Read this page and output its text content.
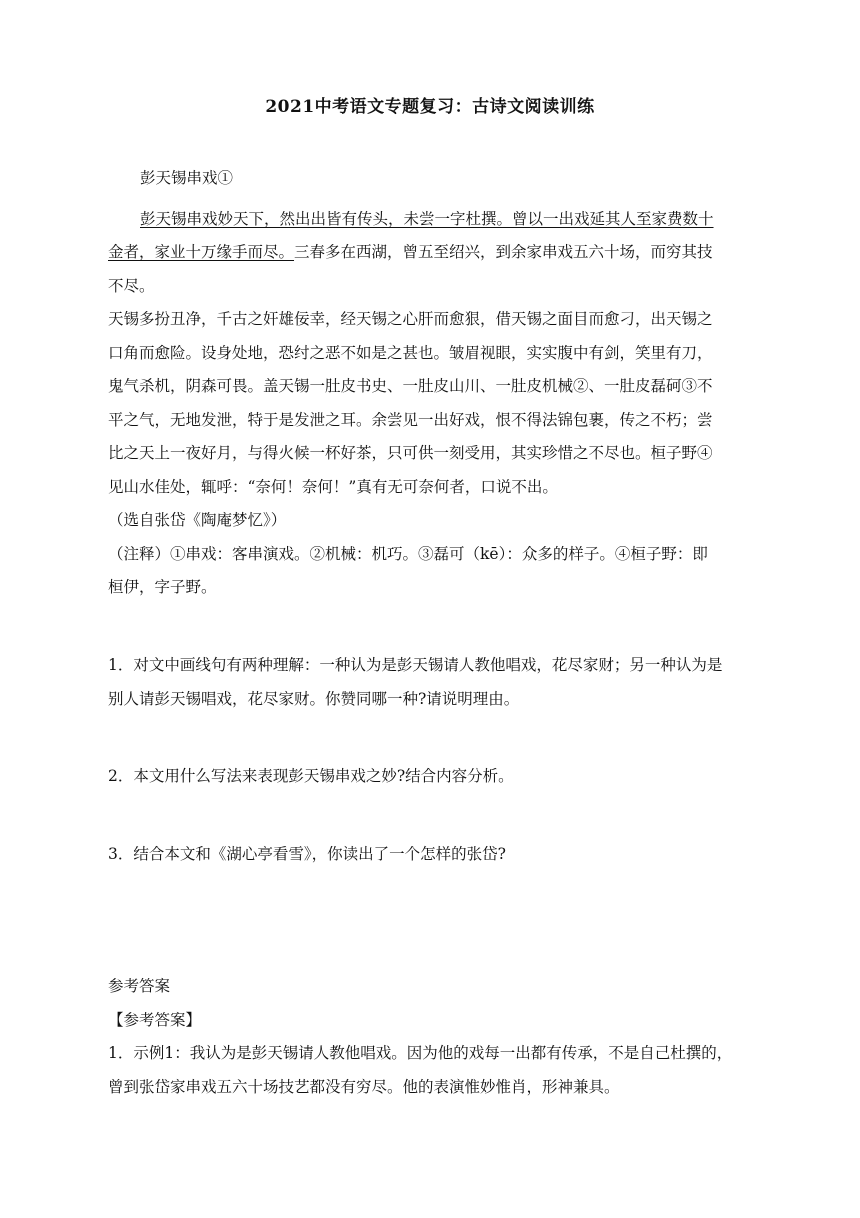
2021中考语文专题复习：古诗文阅读训练
彭天锡串戏①
彭天锡串戏妙天下，然出出皆有传头，未尝一字杜撰。曾以一出戏延其人至家费数十
金者，家业十万缘手而尽。三春多在西湖，曾五至绍兴，到余家串戏五六十场，而穷其技
不尽。
天锡多扮丑净，千古之奸雄佞幸，经天锡之心肝而愈狠，借天锡之面目而愈刁，出天锡之
口角而愈险。设身处地，恐纣之恶不如是之甚也。皱眉视眼，实实腹中有剑，笑里有刀，
鬼气杀机，阴森可畏。盖天锡一肚皮书史、一肚皮山川、一肚皮机械②、一肚皮磊砢③不
平之气，无地发泄，特于是发泄之耳。余尝见一出好戏，恨不得法锦包裹，传之不朽；尝
比之天上一夜好月，与得火候一杯好茶，只可供一刻受用，其实珍惜之不尽也。桓子野④
见山水佳处，辄呼：“奈何！奈何！”真有无可奈何者，口说不出。
（选自张岱《陶庵梦忆》）
（注释）①串戏：客串演戏。②机械：机巧。③磊可（kē）：众多的样子。④桓子野：即
桓伊，字子野。
1．对文中画线句有两种理解：一种认为是彭天锡请人教他唱戏，花尽家财；另一种认为是
别人请彭天锡唱戏，花尽家财。你赞同哪一种?请说明理由。
2．本文用什么写法来表现彭天锡串戏之妙?结合内容分析。
3．结合本文和《湖心亭看雪》，你读出了一个怎样的张岱?
参考答案
【参考答案】
1．示例1：我认为是彭天锡请人教他唱戏。因为他的戏每一出都有传承，不是自己杜撰的，
曾到张岱家串戏五六十场技艺都没有穷尽。他的表演惟妙惟肖，形神兼具。
